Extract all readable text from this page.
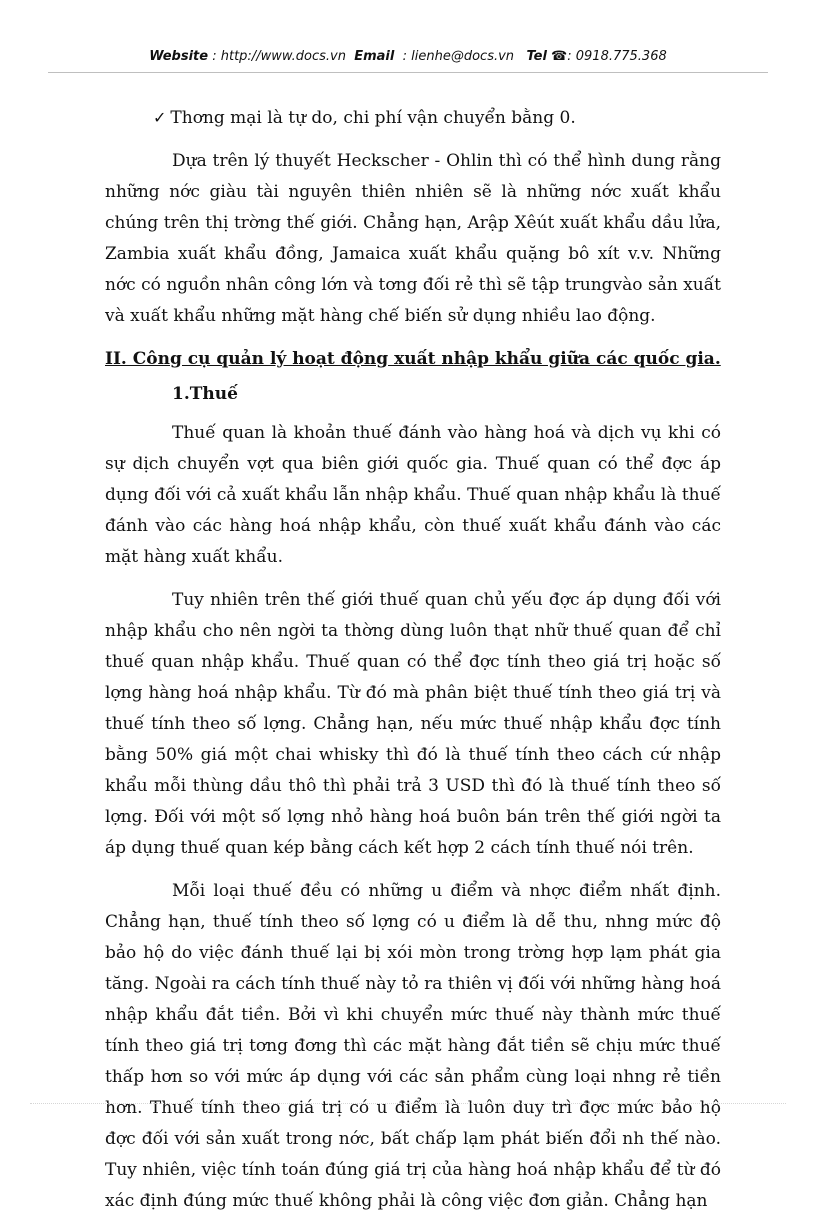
Website : http://www.docs.vn Email : lienhe@docs.vn Tel ☎: 0918.775.368
✓ Thơng mại là tự do, chi phí vận chuyển bằng 0.

Dựa trên lý thuyết Heckscher - Ohlin thì có thể hình dung rằng những nớc giàu tài nguyên thiên nhiên sẽ là những nớc xuất khẩu chúng trên thị trờng thế giới. Chẳng hạn, Arập Xêút xuất khẩu dầu lửa, Zambia xuất khẩu đồng, Jamaica xuất khẩu quặng bô xít v.v. Những nớc có nguồn nhân công lớn và tơng đối rẻ thì sẽ tập trungvào sản xuất và xuất khẩu những mặt hàng chế biến sử dụng nhiều lao động.

II. Công cụ quản lý hoạt động xuất nhập khẩu giữa các quốc gia.
1.Thuế

Thuế quan là khoản thuế đánh vào hàng hoá và dịch vụ khi có sự dịch chuyển vợt qua biên giới quốc gia. Thuế quan có thể đợc áp dụng đối với cả xuất khẩu lẫn nhập khẩu. Thuế quan nhập khẩu là thuế đánh vào các hàng hoá nhập khẩu, còn thuế xuất khẩu đánh vào các mặt hàng xuất khẩu.

Tuy nhiên trên thế giới thuế quan chủ yếu đợc áp dụng đối với nhập khẩu cho nên ngời ta thờng dùng luôn thạt nhữ thuế quan để chỉ thuế quan nhập khẩu. Thuế quan có thể đợc tính theo giá trị hoặc số lợng hàng hoá nhập khẩu. Từ đó mà phân biệt thuế tính theo giá trị và thuế tính theo số lợng. Chẳng hạn, nếu mức thuế nhập khẩu đợc tính bằng 50% giá một chai whisky thì đó là thuế tính theo cách cứ nhập khẩu mỗi thùng dầu thô thì phải trả 3 USD thì đó là thuế tính theo số lợng. Đối với một số lợng nhỏ hàng hoá buôn bán trên thế giới ngời ta áp dụng thuế quan kép bằng cách kết hợp 2 cách tính thuế nói trên.

Mỗi loại thuế đều có những u điểm và nhợc điểm nhất định. Chẳng hạn, thuế tính theo số lợng có u điểm là dễ thu, nhng mức độ bảo hộ do việc đánh thuế lại bị xói mòn trong trờng hợp lạm phát gia tăng. Ngoài ra cách tính thuế này tỏ ra thiên vị đối với những hàng hoá nhập khẩu đắt tiền. Bởi vì khi chuyển mức thuế này thành mức thuế tính theo giá trị tơng đơng thì các mặt hàng đắt tiền sẽ chịu mức thuế thấp hơn so với mức áp dụng với các sản phẩm cùng loại nhng rẻ tiền hơn. Thuế tính theo giá trị có u điểm là luôn duy trì đợc mức bảo hộ đợc đối với sản xuất trong nớc, bất chấp lạm phát biến đổi nh thế nào. Tuy nhiên, việc tính toán đúng giá trị của hàng hoá nhập khẩu để từ đó xác định đúng mức thuế không phải là công việc đơn giản. Chẳng hạn
